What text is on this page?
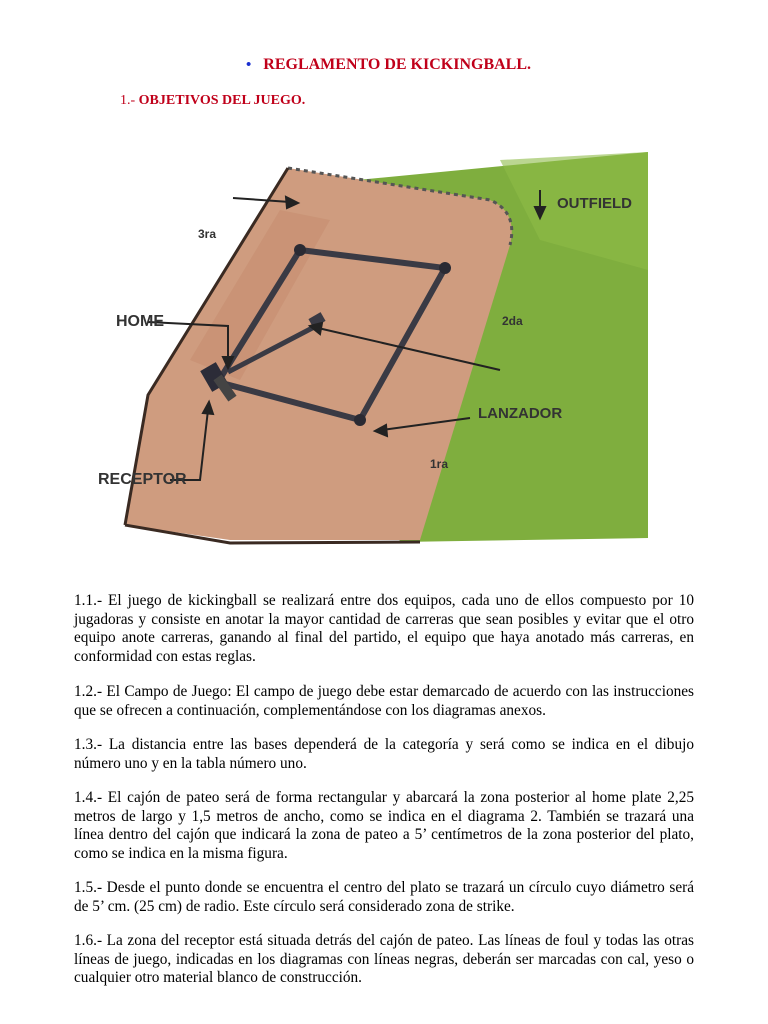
• REGLAMENTO DE KICKINGBALL.
1.- OBJETIVOS DEL JUEGO.
OUTFIELD
3ra
HOME	2da
LANZADOR
1ra
RECEPTOR

1.1.- El juego de kickingball se realizará entre dos equipos, cada uno de ellos compuesto por 10 jugadoras y consiste en anotar la mayor cantidad de carreras que sean posibles y evitar que el otro equipo anote carreras, ganando al final del partido, el equipo que haya anotado más carreras, en conformidad con estas reglas.

1.2.- El Campo de Juego: El campo de juego debe estar demarcado de acuerdo con las instrucciones que se ofrecen a continuación, complementándose con los diagramas anexos.

1.3.- La distancia entre las bases dependerá de la categoría y será como se indica en el dibujo número uno y en la tabla número uno.

1.4.- El cajón de pateo será de forma rectangular y abarcará la zona posterior al home plate 2,25 metros de largo y 1,5 metros de ancho, como se indica en el diagrama 2. También se trazará una línea dentro del cajón que indicará la zona de pateo a 5’ centímetros de la zona posterior del plato, como se indica en la misma figura.

1.5.- Desde el punto donde se encuentra el centro del plato se trazará un círculo cuyo diámetro será de 5’ cm. (25 cm) de radio. Este círculo será considerado zona de strike.

1.6.- La zona del receptor está situada detrás del cajón de pateo. Las líneas de foul y todas las otras líneas de juego, indicadas en los diagramas con líneas negras, deberán ser marcadas con cal, yeso o cualquier otro material blanco de construcción.
